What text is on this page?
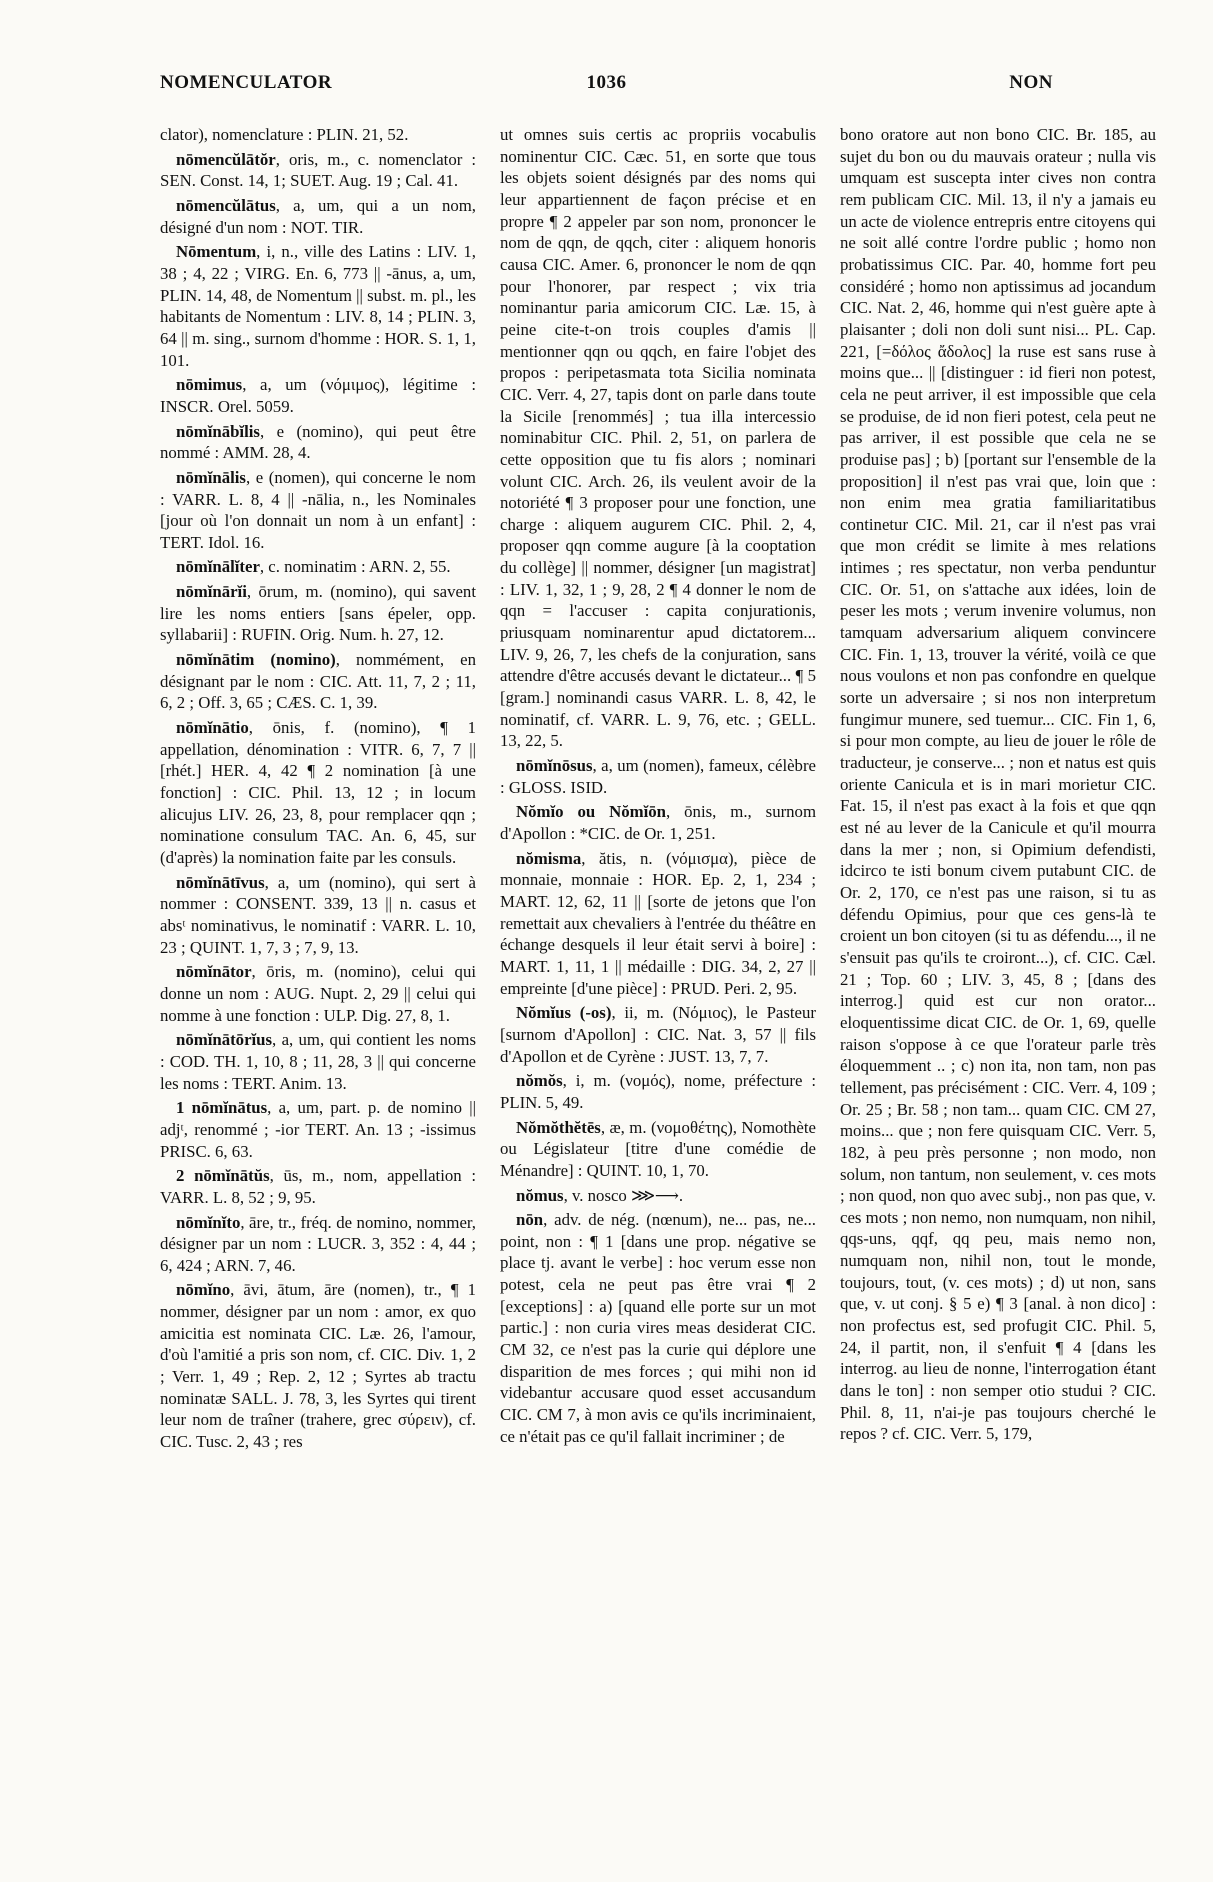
NOMENCULATOR	1036	NON

clator), nomenclature : PLIN. 21, 52.

nōmencŭlātŏr, oris, m., c. nomenclator : SEN. Const. 14, 1; SUET. Aug. 19 ; Cal. 41.

nōmencŭlātus, a, um, qui a un nom, désigné d'un nom : NOT. TIR.

Nōmentum, i, n., ville des Latins : LIV. 1, 38 ; 4, 22 ; VIRG. En. 6, 773 || -ānus, a, um, PLIN. 14, 48, de Nomentum || subst. m. pl., les habitants de Nomentum : LIV. 8, 14 ; PLIN. 3, 64 || m. sing., surnom d'homme : HOR. S. 1, 1, 101.

nōmimus, a, um (νόμιμος), légitime : INSCR. Orel. 5059.

nōmĭnābĭlis, e (nomino), qui peut être nommé : AMM. 28, 4.

nōmĭnālis, e (nomen), qui concerne le nom : VARR. L. 8, 4 || -nālia, n., les Nominales [jour où l'on donnait un nom à un enfant] : TERT. Idol. 16.

nōmĭnālĭter, c. nominatim : ARN. 2, 55.

nōmĭnārĭi, ōrum, m. (nomino), qui savent lire les noms entiers [sans épeler, opp. syllabarii] : RUFIN. Orig. Num. h. 27, 12.

nōmĭnātim (nomino), nommément, en désignant par le nom : CIC. Att. 11, 7, 2 ; 11, 6, 2 ; Off. 3, 65 ; CÆS. C. 1, 39.

nōmĭnātio, ōnis, f. (nomino), ¶ 1 appellation, dénomination : VITR. 6, 7, 7 || [rhét.] HER. 4, 42 ¶ 2 nomination [à une fonction] : CIC. Phil. 13, 12 ; in locum alicujus LIV. 26, 23, 8, pour remplacer qqn ; nominatione consulum TAC. An. 6, 45, sur (d'après) la nomination faite par les consuls.

nōmĭnātīvus, a, um (nomino), qui sert à nommer : CONSENT. 339, 13 || n. casus et absᵗ nominativus, le nominatif : VARR. L. 10, 23 ; QUINT. 1, 7, 3 ; 7, 9, 13.

nōmĭnātor, ōris, m. (nomino), celui qui donne un nom : AUG. Nupt. 2, 29 || celui qui nomme à une fonction : ULP. Dig. 27, 8, 1.

nōmĭnātōrĭus, a, um, qui contient les noms : COD. TH. 1, 10, 8 ; 11, 28, 3 || qui concerne les noms : TERT. Anim. 13.

1 nōmĭnātus, a, um, part. p. de nomino || adjᵗ, renommé ; -ior TERT. An. 13 ; -issimus PRISC. 6, 63.

2 nōmĭnātŭs, ūs, m., nom, appellation : VARR. L. 8, 52 ; 9, 95.

nōmĭnĭto, āre, tr., fréq. de nomino, nommer, désigner par un nom : LUCR. 3, 352 : 4, 44 ; 6, 424 ; ARN. 7, 46.

nōmĭno, āvi, ātum, āre (nomen), tr., ¶ 1 nommer, désigner par un nom : amor, ex quo amicitia est nominata CIC. Læ. 26, l'amour, d'où l'amitié a pris son nom, cf. CIC. Div. 1, 2 ; Verr. 1, 49 ; Rep. 2, 12 ; Syrtes ab tractu nominatæ SALL. J. 78, 3, les Syrtes qui tirent leur nom de traîner (trahere, grec σύρειν), cf. CIC. Tusc. 2, 43 ; res

ut omnes suis certis ac propriis vocabulis nominentur CIC. Cæc. 51, en sorte que tous les objets soient désignés par des noms qui leur appartiennent de façon précise et en propre ¶ 2 appeler par son nom, prononcer le nom de qqn, de qqch, citer : aliquem honoris causa CIC. Amer. 6, prononcer le nom de qqn pour l'honorer, par respect ; vix tria nominantur paria amicorum CIC. Læ. 15, à peine cite-t-on trois couples d'amis || mentionner qqn ou qqch, en faire l'objet des propos : peripetasmata tota Sicilia nominata CIC. Verr. 4, 27, tapis dont on parle dans toute la Sicile [renommés] ; tua illa intercessio nominabitur CIC. Phil. 2, 51, on parlera de cette opposition que tu fis alors ; nominari volunt CIC. Arch. 26, ils veulent avoir de la notoriété ¶ 3 proposer pour une fonction, une charge : aliquem augurem CIC. Phil. 2, 4, proposer qqn comme augure [à la cooptation du collège] || nommer, désigner [un magistrat] : LIV. 1, 32, 1 ; 9, 28, 2 ¶ 4 donner le nom de qqn = l'accuser : capita conjurationis, priusquam nominarentur apud dictatorem... LIV. 9, 26, 7, les chefs de la conjuration, sans attendre d'être accusés devant le dictateur... ¶ 5 [gram.] nominandi casus VARR. L. 8, 42, le nominatif, cf. VARR. L. 9, 76, etc. ; GELL. 13, 22, 5.

nōmĭnōsus, a, um (nomen), fameux, célèbre : GLOSS. ISID.

Nŏmĭo ou Nŏmĭōn, ōnis, m., surnom d'Apollon : *CIC. de Or. 1, 251.

nŏmisma, ătis, n. (νόμισμα), pièce de monnaie, monnaie : HOR. Ep. 2, 1, 234 ; MART. 12, 62, 11 || [sorte de jetons que l'on remettait aux chevaliers à l'entrée du théâtre en échange desquels il leur était servi à boire] : MART. 1, 11, 1 || médaille : DIG. 34, 2, 27 || empreinte [d'une pièce] : PRUD. Peri. 2, 95.

Nŏmĭus (-os), ii, m. (Νόμιος), le Pasteur [surnom d'Apollon] : CIC. Nat. 3, 57 || fils d'Apollon et de Cyrène : JUST. 13, 7, 7.

nŏmŏs, i, m. (νομός), nome, préfecture : PLIN. 5, 49.

Nŏmŏthĕtēs, æ, m. (νομοθέτης), Nomothète ou Législateur [titre d'une comédie de Ménandre] : QUINT. 10, 1, 70.

nŏmus, v. nosco ⋙⟶.

nōn, adv. de nég. (nœnum), ne... pas, ne... point, non : ¶ 1 [dans une prop. négative se place tj. avant le verbe] : hoc verum esse non potest, cela ne peut pas être vrai ¶ 2 [exceptions] : a) [quand elle porte sur un mot partic.] : non curia vires meas desiderat CIC. CM 32, ce n'est pas la curie qui déplore une disparition de mes forces ; qui mihi non id videbantur accusare quod esset accusandum CIC. CM 7, à mon avis ce qu'ils incriminaient, ce n'était pas ce qu'il fallait incriminer ; de

bono oratore aut non bono CIC. Br. 185, au sujet du bon ou du mauvais orateur ; nulla vis umquam est suscepta inter cives non contra rem publicam CIC. Mil. 13, il n'y a jamais eu un acte de violence entrepris entre citoyens qui ne soit allé contre l'ordre public ; homo non probatissimus CIC. Par. 40, homme fort peu considéré ; homo non aptissimus ad jocandum CIC. Nat. 2, 46, homme qui n'est guère apte à plaisanter ; doli non doli sunt nisi... PL. Cap. 221, [=δόλος ἄδολος] la ruse est sans ruse à moins que... || [distinguer : id fieri non potest, cela ne peut arriver, il est impossible que cela se produise, de id non fieri potest, cela peut ne pas arriver, il est possible que cela ne se produise pas] ; b) [portant sur l'ensemble de la proposition] il n'est pas vrai que, loin que : non enim mea gratia familiaritatibus continetur CIC. Mil. 21, car il n'est pas vrai que mon crédit se limite à mes relations intimes ; res spectatur, non verba penduntur CIC. Or. 51, on s'attache aux idées, loin de peser les mots ; verum invenire volumus, non tamquam adversarium aliquem convincere CIC. Fin. 1, 13, trouver la vérité, voilà ce que nous voulons et non pas confondre en quelque sorte un adversaire ; si nos non interpretum fungimur munere, sed tuemur... CIC. Fin 1, 6, si pour mon compte, au lieu de jouer le rôle de traducteur, je conserve... ; non et natus est quis oriente Canicula et is in mari morietur CIC. Fat. 15, il n'est pas exact à la fois et que qqn est né au lever de la Canicule et qu'il mourra dans la mer ; non, si Opimium defendisti, idcirco te isti bonum civem putabunt CIC. de Or. 2, 170, ce n'est pas une raison, si tu as défendu Opimius, pour que ces gens-là te croient un bon citoyen (si tu as défendu..., il ne s'ensuit pas qu'ils te croiront...), cf. CIC. Cæl. 21 ; Top. 60 ; LIV. 3, 45, 8 ; [dans des interrog.] quid est cur non orator... eloquentissime dicat CIC. de Or. 1, 69, quelle raison s'oppose à ce que l'orateur parle très éloquemment .. ; c) non ita, non tam, non pas tellement, pas précisément : CIC. Verr. 4, 109 ; Or. 25 ; Br. 58 ; non tam... quam CIC. CM 27, moins... que ; non fere quisquam CIC. Verr. 5, 182, à peu près personne ; non modo, non solum, non tantum, non seulement, v. ces mots ; non quod, non quo avec subj., non pas que, v. ces mots ; non nemo, non numquam, non nihil, qqs-uns, qqf, qq peu, mais nemo non, numquam non, nihil non, tout le monde, toujours, tout, (v. ces mots) ; d) ut non, sans que, v. ut conj. § 5 e) ¶ 3 [anal. à non dico] : non profectus est, sed profugit CIC. Phil. 5, 24, il partit, non, il s'enfuit ¶ 4 [dans les interrog. au lieu de nonne, l'interrogation étant dans le ton] : non semper otio studui ? CIC. Phil. 8, 11, n'ai-je pas toujours cherché le repos ? cf. CIC. Verr. 5, 179,
